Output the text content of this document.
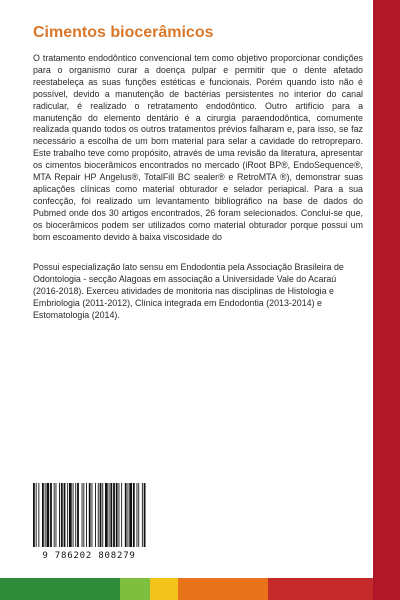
Cimentos biocerâmicos

O tratamento endodôntico convencional tem como objetivo proporcionar condições para o organismo curar a doença pulpar e permitir que o dente afetado reestabeleça as suas funções estéticas e funcionais. Porém quando isto não é possível, devido a manutenção de bactérias persistentes no interior do canal radicular, é realizado o retratamento endodôntico. Outro artifício para a manutenção do elemento dentário é a cirurgia paraendodôntica, comumente realizada quando todos os outros tratamentos prévios falharam e, para isso, se faz necessário a escolha de um bom material para selar a cavidade do retropreparo. Este trabalho teve como propósito, através de uma revisão da literatura, apresentar os cimentos biocerâmicos encontrados no mercado (iRoot BP®, EndoSequence®, MTA Repair HP Angelus®, TotalFill BC sealer® e RetroMTA ®), demonstrar suas aplicações clínicas como material obturador e selador periapical. Para a sua confecção, foi realizado um levantamento bibliográfico na base de dados do Pubmed onde dos 30 artigos encontrados, 26 foram selecionados. Conclui-se que, os biocerâmicos podem ser utilizados como material obturador porque possui um bom escoamento devido à baixa viscosidade do

Possui especialização lato sensu em Endodontia pela Associação Brasileira de Odontologia - secção Alagoas em associação a Universidade Vale do Acaraú (2016-2018). Exerceu atividades de monitoria nas disciplinas de Histologia e Embriologia (2011-2012), Clínica integrada em Endodontia (2013-2014) e Estomatologia (2014).

9 786202 808279
